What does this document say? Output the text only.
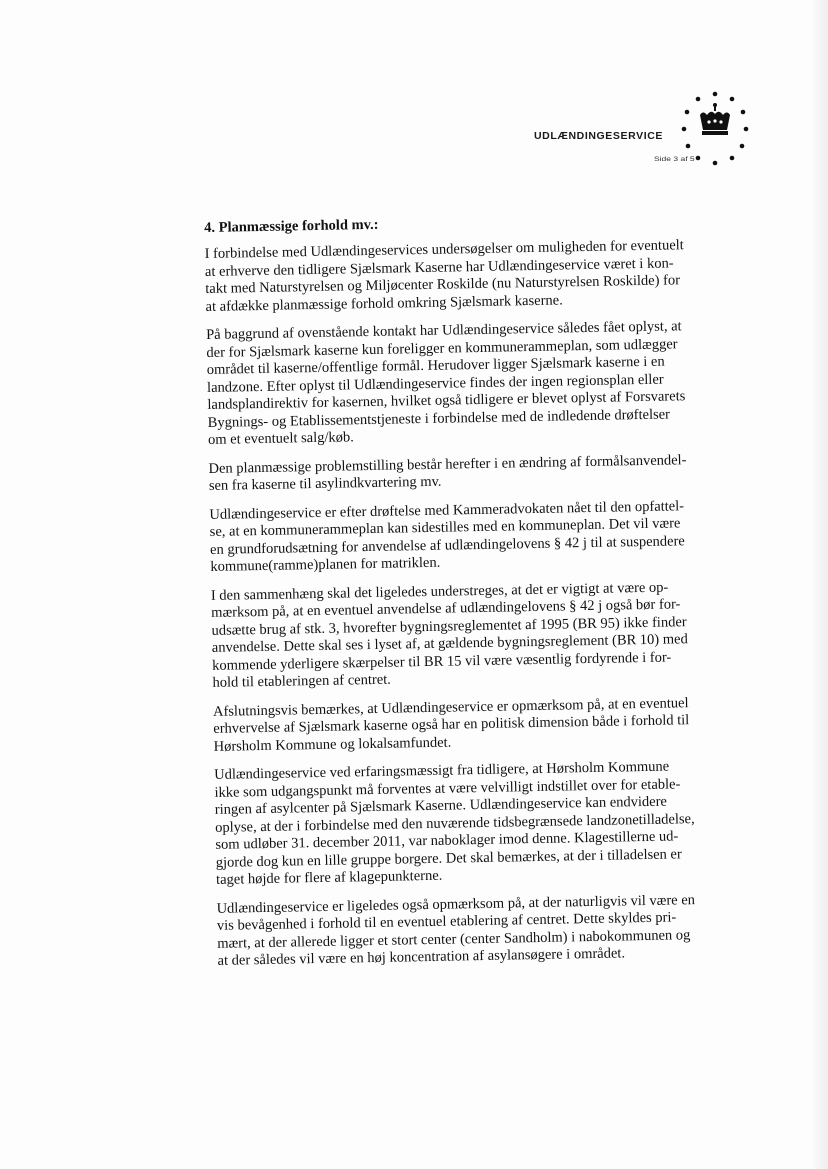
UDLÆNDINGESERVICE
Side 3 af 5
4. Planmæssige forhold mv.:

I forbindelse med Udlændingeservices undersøgelser om muligheden for eventuelt
at erhverve den tidligere Sjælsmark Kaserne har Udlændingeservice været i kon-
takt med Naturstyrelsen og Miljøcenter Roskilde (nu Naturstyrelsen Roskilde) for
at afdække planmæssige forhold omkring Sjælsmark kaserne.

På baggrund af ovenstående kontakt har Udlændingeservice således fået oplyst, at
der for Sjælsmark kaserne kun foreligger en kommunerammeplan, som udlægger
området til kaserne/offentlige formål. Herudover ligger Sjælsmark kaserne i en
landzone. Efter oplyst til Udlændingeservice findes der ingen regionsplan eller
landsplandirektiv for kasernen, hvilket også tidligere er blevet oplyst af Forsvarets
Bygnings- og Etablissementstjeneste i forbindelse med de indledende drøftelser
om et eventuelt salg/køb.

Den planmæssige problemstilling består herefter i en ændring af formålsanvendel-
sen fra kaserne til asylindkvartering mv.

Udlændingeservice er efter drøftelse med Kammeradvokaten nået til den opfattel-
se, at en kommunerammeplan kan sidestilles med en kommuneplan. Det vil være
en grundforudsætning for anvendelse af udlændingelovens § 42 j til at suspendere
kommune(ramme)planen for matriklen.

I den sammenhæng skal det ligeledes understreges, at det er vigtigt at være op-
mærksom på, at en eventuel anvendelse af udlændingelovens § 42 j også bør for-
udsætte brug af stk. 3, hvorefter bygningsreglementet af 1995 (BR 95) ikke finder
anvendelse. Dette skal ses i lyset af, at gældende bygningsreglement (BR 10) med
kommende yderligere skærpelser til BR 15 vil være væsentlig fordyrende i for-
hold til etableringen af centret.

Afslutningsvis bemærkes, at Udlændingeservice er opmærksom på, at en eventuel
erhvervelse af Sjælsmark kaserne også har en politisk dimension både i forhold til
Hørsholm Kommune og lokalsamfundet.

Udlændingeservice ved erfaringsmæssigt fra tidligere, at Hørsholm Kommune
ikke som udgangspunkt må forventes at være velvilligt indstillet over for etable-
ringen af asylcenter på Sjælsmark Kaserne. Udlændingeservice kan endvidere
oplyse, at der i forbindelse med den nuværende tidsbegrænsede landzonetilladelse,
som udløber 31. december 2011, var naboklager imod denne. Klagestillerne ud-
gjorde dog kun en lille gruppe borgere. Det skal bemærkes, at der i tilladelsen er
taget højde for flere af klagepunkterne.

Udlændingeservice er ligeledes også opmærksom på, at der naturligvis vil være en
vis bevågenhed i forhold til en eventuel etablering af centret. Dette skyldes pri-
mært, at der allerede ligger et stort center (center Sandholm) i nabokommunen og
at der således vil være en høj koncentration af asylansøgere i området.
